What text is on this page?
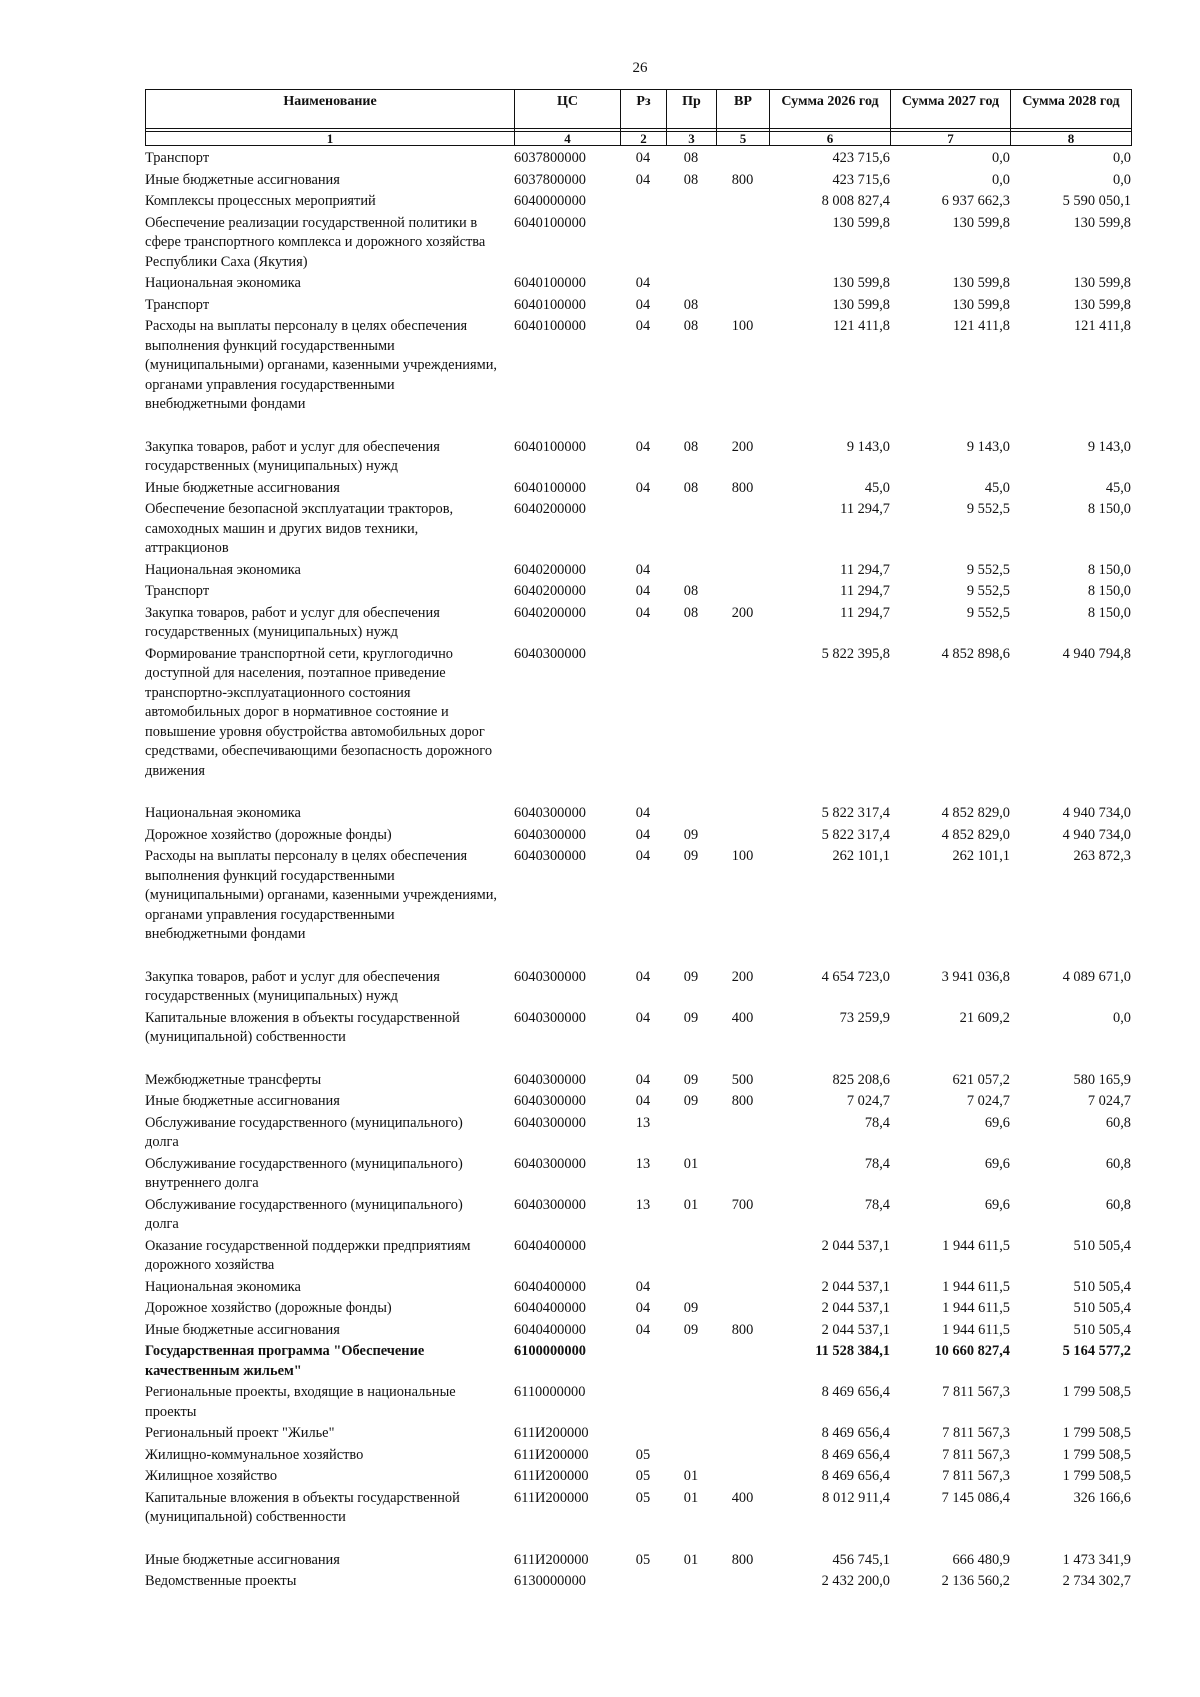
26
Наименование	ЦС	Рз	Пр	ВР	Сумма 2026 год	Сумма 2027 год	Сумма 2028 год

1	4	2	3	5	6	7	8
Транспорт	6037800000	04	08		423 715,6	0,0	0,0
Иные бюджетные ассигнования	6037800000	04	08	800	423 715,6	0,0	0,0
Комплексы процессных мероприятий	6040000000				8 008 827,4	6 937 662,3	5 590 050,1
Обеспечение реализации государственной политики в сфере транспортного комплекса и дорожного хозяйства Республики Саха (Якутия)	6040100000				130 599,8	130 599,8	130 599,8
Национальная экономика	6040100000	04			130 599,8	130 599,8	130 599,8
Транспорт	6040100000	04	08		130 599,8	130 599,8	130 599,8
Расходы на выплаты персоналу в целях обеспечения выполнения функций государственными (муниципальными) органами, казенными учреждениями, органами управления государственными внебюджетными фондами	6040100000	04	08	100	121 411,8	121 411,8	121 411,8

Закупка товаров, работ и услуг для обеспечения государственных (муниципальных) нужд	6040100000	04	08	200	9 143,0	9 143,0	9 143,0
Иные бюджетные ассигнования	6040100000	04	08	800	45,0	45,0	45,0
Обеспечение безопасной эксплуатации тракторов, самоходных машин и других видов техники, аттракционов	6040200000				11 294,7	9 552,5	8 150,0
Национальная экономика	6040200000	04			11 294,7	9 552,5	8 150,0
Транспорт	6040200000	04	08		11 294,7	9 552,5	8 150,0
Закупка товаров, работ и услуг для обеспечения государственных (муниципальных) нужд	6040200000	04	08	200	11 294,7	9 552,5	8 150,0
Формирование транспортной сети, круглогодично доступной для населения, поэтапное приведение транспортно-эксплуатационного состояния автомобильных дорог в нормативное состояние и повышение уровня обустройства автомобильных дорог средствами, обеспечивающими безопасность дорожного движения	6040300000				5 822 395,8	4 852 898,6	4 940 794,8

Национальная экономика	6040300000	04			5 822 317,4	4 852 829,0	4 940 734,0
Дорожное хозяйство (дорожные фонды)	6040300000	04	09		5 822 317,4	4 852 829,0	4 940 734,0
Расходы на выплаты персоналу в целях обеспечения выполнения функций государственными (муниципальными) органами, казенными учреждениями, органами управления государственными внебюджетными фондами	6040300000	04	09	100	262 101,1	262 101,1	263 872,3

Закупка товаров, работ и услуг для обеспечения государственных (муниципальных) нужд	6040300000	04	09	200	4 654 723,0	3 941 036,8	4 089 671,0
Капитальные вложения в объекты государственной (муниципальной) собственности	6040300000	04	09	400	73 259,9	21 609,2	0,0

Межбюджетные трансферты	6040300000	04	09	500	825 208,6	621 057,2	580 165,9
Иные бюджетные ассигнования	6040300000	04	09	800	7 024,7	7 024,7	7 024,7
Обслуживание государственного (муниципального) долга	6040300000	13			78,4	69,6	60,8
Обслуживание государственного (муниципального) внутреннего долга	6040300000	13	01		78,4	69,6	60,8
Обслуживание государственного (муниципального) долга	6040300000	13	01	700	78,4	69,6	60,8
Оказание государственной поддержки предприятиям дорожного хозяйства	6040400000				2 044 537,1	1 944 611,5	510 505,4
Национальная экономика	6040400000	04			2 044 537,1	1 944 611,5	510 505,4
Дорожное хозяйство (дорожные фонды)	6040400000	04	09		2 044 537,1	1 944 611,5	510 505,4
Иные бюджетные ассигнования	6040400000	04	09	800	2 044 537,1	1 944 611,5	510 505,4
Государственная программа "Обеспечение качественным жильем"	6100000000				11 528 384,1	10 660 827,4	5 164 577,2
Региональные проекты, входящие в национальные проекты	6110000000				8 469 656,4	7 811 567,3	1 799 508,5
Региональный проект "Жилье"	611И200000				8 469 656,4	7 811 567,3	1 799 508,5
Жилищно-коммунальное хозяйство	611И200000	05			8 469 656,4	7 811 567,3	1 799 508,5
Жилищное хозяйство	611И200000	05	01		8 469 656,4	7 811 567,3	1 799 508,5
Капитальные вложения в объекты государственной (муниципальной) собственности	611И200000	05	01	400	8 012 911,4	7 145 086,4	326 166,6

Иные бюджетные ассигнования	611И200000	05	01	800	456 745,1	666 480,9	1 473 341,9
Ведомственные проекты	6130000000				2 432 200,0	2 136 560,2	2 734 302,7
